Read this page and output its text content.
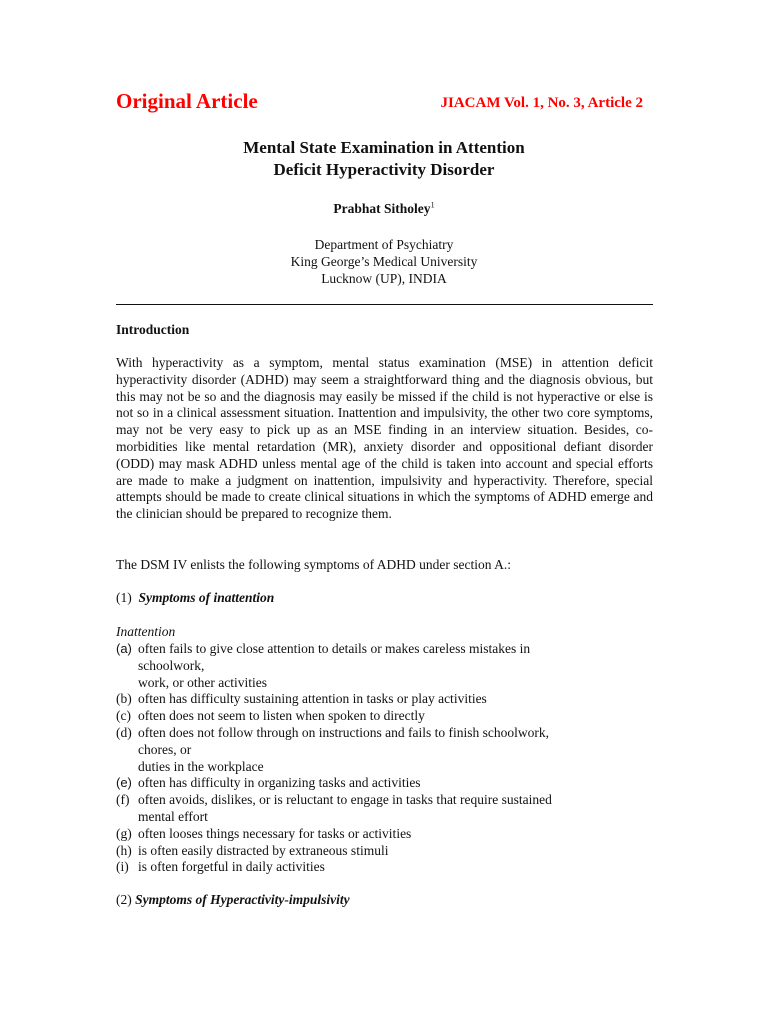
Original Article	JIACAM Vol. 1, No. 3, Article 2
Mental State Examination in Attention
Deficit Hyperactivity Disorder
Prabhat Sitholey$^1$
Department of Psychiatry
King George’s Medical University
Lucknow (UP), INDIA
Introduction
With hyperactivity as a symptom, mental status examination (MSE) in attention deficit hyperactivity disorder (ADHD) may seem a straightforward thing and the diagnosis obvious, but this may not be so and the diagnosis may easily be missed if the child is not hyperactive or else is not so in a clinical assessment situation. Inattention and impulsivity, the other two core symptoms, may not be very easy to pick up as an MSE finding in an interview situation. Besides, co-morbidities like mental retardation (MR), anxiety disorder and oppositional defiant disorder (ODD) may mask ADHD unless mental age of the child is taken into account and special efforts are made to make a judgment on inattention, impulsivity and hyperactivity. Therefore, special attempts should be made to create clinical situations in which the symptoms of ADHD emerge and the clinician should be prepared to recognize them.
The DSM IV enlists the following symptoms of ADHD under section A.:
(1) Symptoms of inattention
Inattention
(a) often fails to give close attention to details or makes careless mistakes in
schoolwork,
work, or other activities
(b) often has difficulty sustaining attention in tasks or play activities
(c) often does not seem to listen when spoken to directly
(d) often does not follow through on instructions and fails to finish schoolwork,
chores, or
duties in the workplace
(e) often has difficulty in organizing tasks and activities
(f) often avoids, dislikes, or is reluctant to engage in tasks that require sustained
mental effort
(g) often looses things necessary for tasks or activities
(h) is often easily distracted by extraneous stimuli
(i) is often forgetful in daily activities
(2) Symptoms of Hyperactivity-impulsivity
